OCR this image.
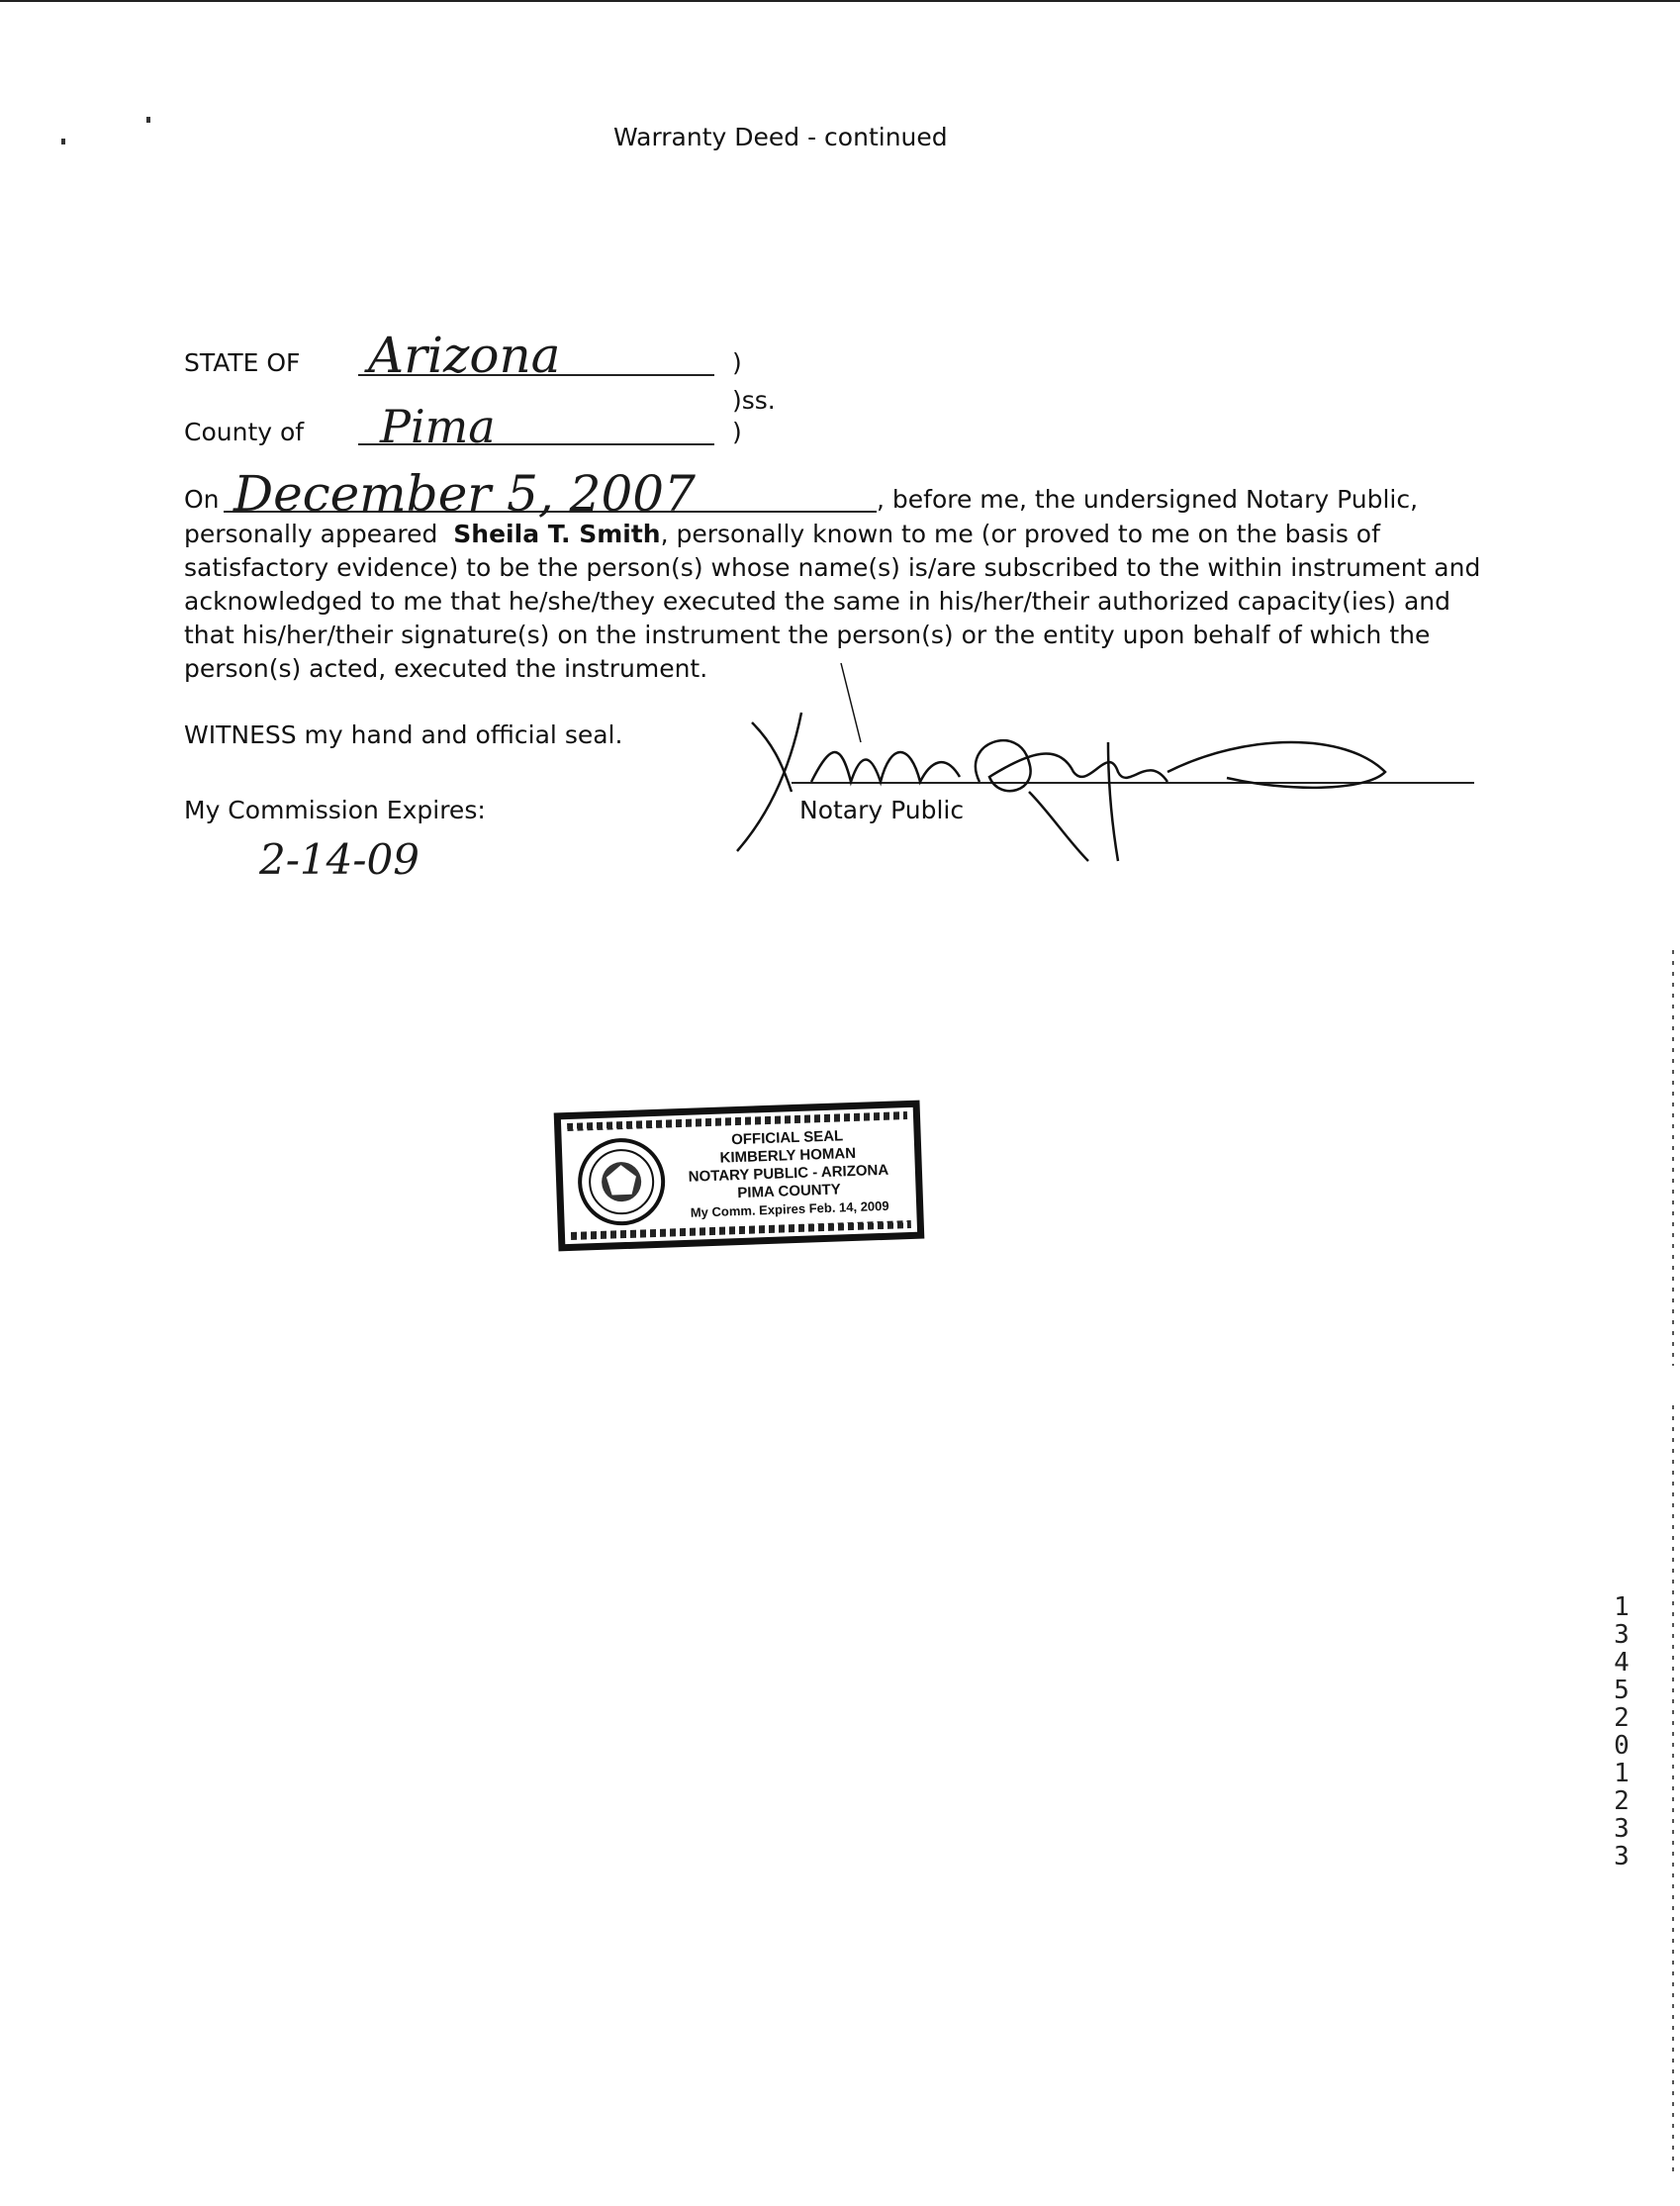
Warranty Deed - continued
STATE OF Arizona	)
)ss.
County of Pima	)
On December 5, 2007	, before me, the undersigned Notary Public,
personally appeared Sheila T. Smith, personally known to me (or proved to me on the basis of
satisfactory evidence) to be the person(s) whose name(s) is/are subscribed to the within instrument and
acknowledged to me that he/she/they executed the same in his/her/their authorized capacity(ies) and
that his/her/their signature(s) on the instrument the person(s) or the entity upon behalf of which the
person(s) acted, executed the instrument.
WITNESS my hand and official seal.
Notary Public
My Commission Expires:
2-14-09
OFFICIAL SEAL
KIMBERLY HOMAN
NOTARY PUBLIC - ARIZONA
PIMA COUNTY
My Comm. Expires Feb. 14, 2009
13452 01233
